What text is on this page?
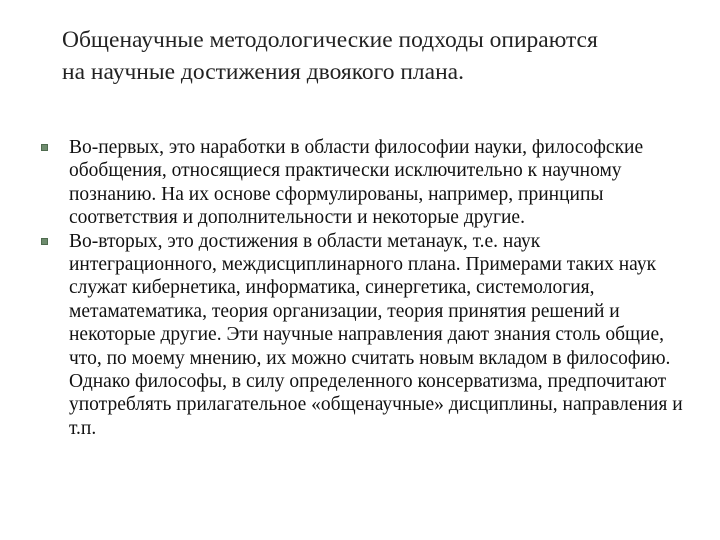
Общенаучные методологические подходы опираются на научные достижения двоякого плана.
Во-первых, это наработки в области философии науки, философские обобщения, относящиеся практически исключительно к научному познанию. На их основе сформулированы, например, принципы соответствия и дополнительности и некоторые другие.
Во-вторых, это достижения в области метанаук, т.е. наук интеграционного, междисциплинарного плана. Примерами таких наук служат кибернетика, информатика, синергетика, системология, метаматематика, теория организации, теория принятия решений и некоторые другие. Эти научные направления дают знания столь общие, что, по моему мнению, их можно считать новым вкладом в философию. Однако философы, в силу определенного консерватизма, предпочитают употреблять прилагательное «общенаучные» дисциплины, направления и т.п.
